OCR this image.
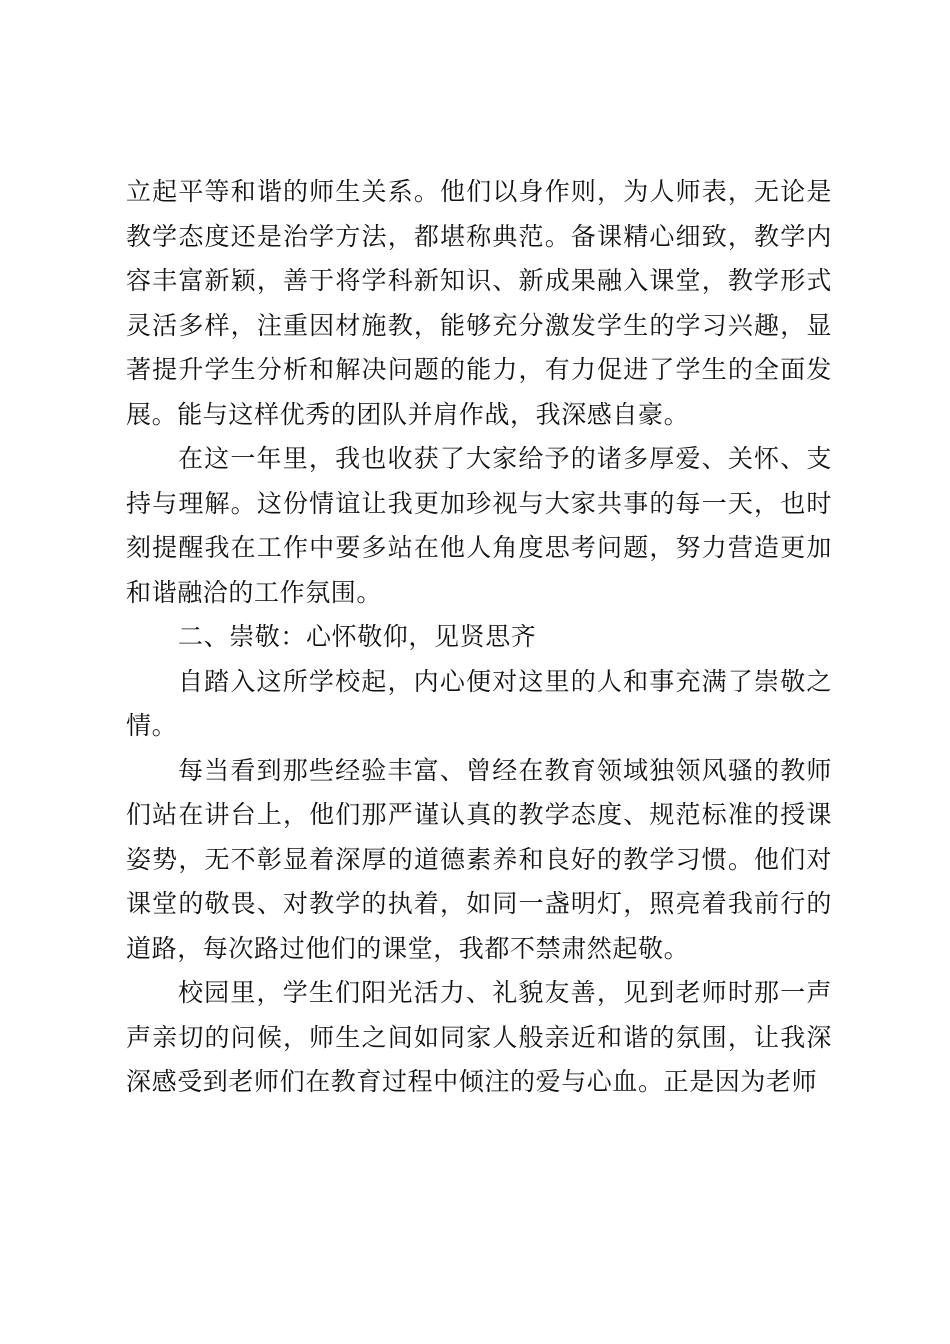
立起平等和谐的师生关系。他们以身作则，为人师表，无论是教学态度还是治学方法，都堪称典范。备课精心细致，教学内容丰富新颖，善于将学科新知识、新成果融入课堂，教学形式灵活多样，注重因材施教，能够充分激发学生的学习兴趣，显著提升学生分析和解决问题的能力，有力促进了学生的全面发展。能与这样优秀的团队并肩作战，我深感自豪。

在这一年里，我也收获了大家给予的诸多厚爱、关怀、支持与理解。这份情谊让我更加珍视与大家共事的每一天，也时刻提醒我在工作中要多站在他人角度思考问题，努力营造更加和谐融洽的工作氛围。

二、崇敬：心怀敬仰，见贤思齐

自踏入这所学校起，内心便对这里的人和事充满了崇敬之情。

每当看到那些经验丰富、曾经在教育领域独领风骚的教师们站在讲台上，他们那严谨认真的教学态度、规范标准的授课姿势，无不彰显着深厚的道德素养和良好的教学习惯。他们对课堂的敬畏、对教学的执着，如同一盏明灯，照亮着我前行的道路，每次路过他们的课堂，我都不禁肃然起敬。

校园里，学生们阳光活力、礼貌友善，见到老师时那一声声亲切的问候，师生之间如同家人般亲近和谐的氛围，让我深深感受到老师们在教育过程中倾注的爱与心血。正是因为老师
